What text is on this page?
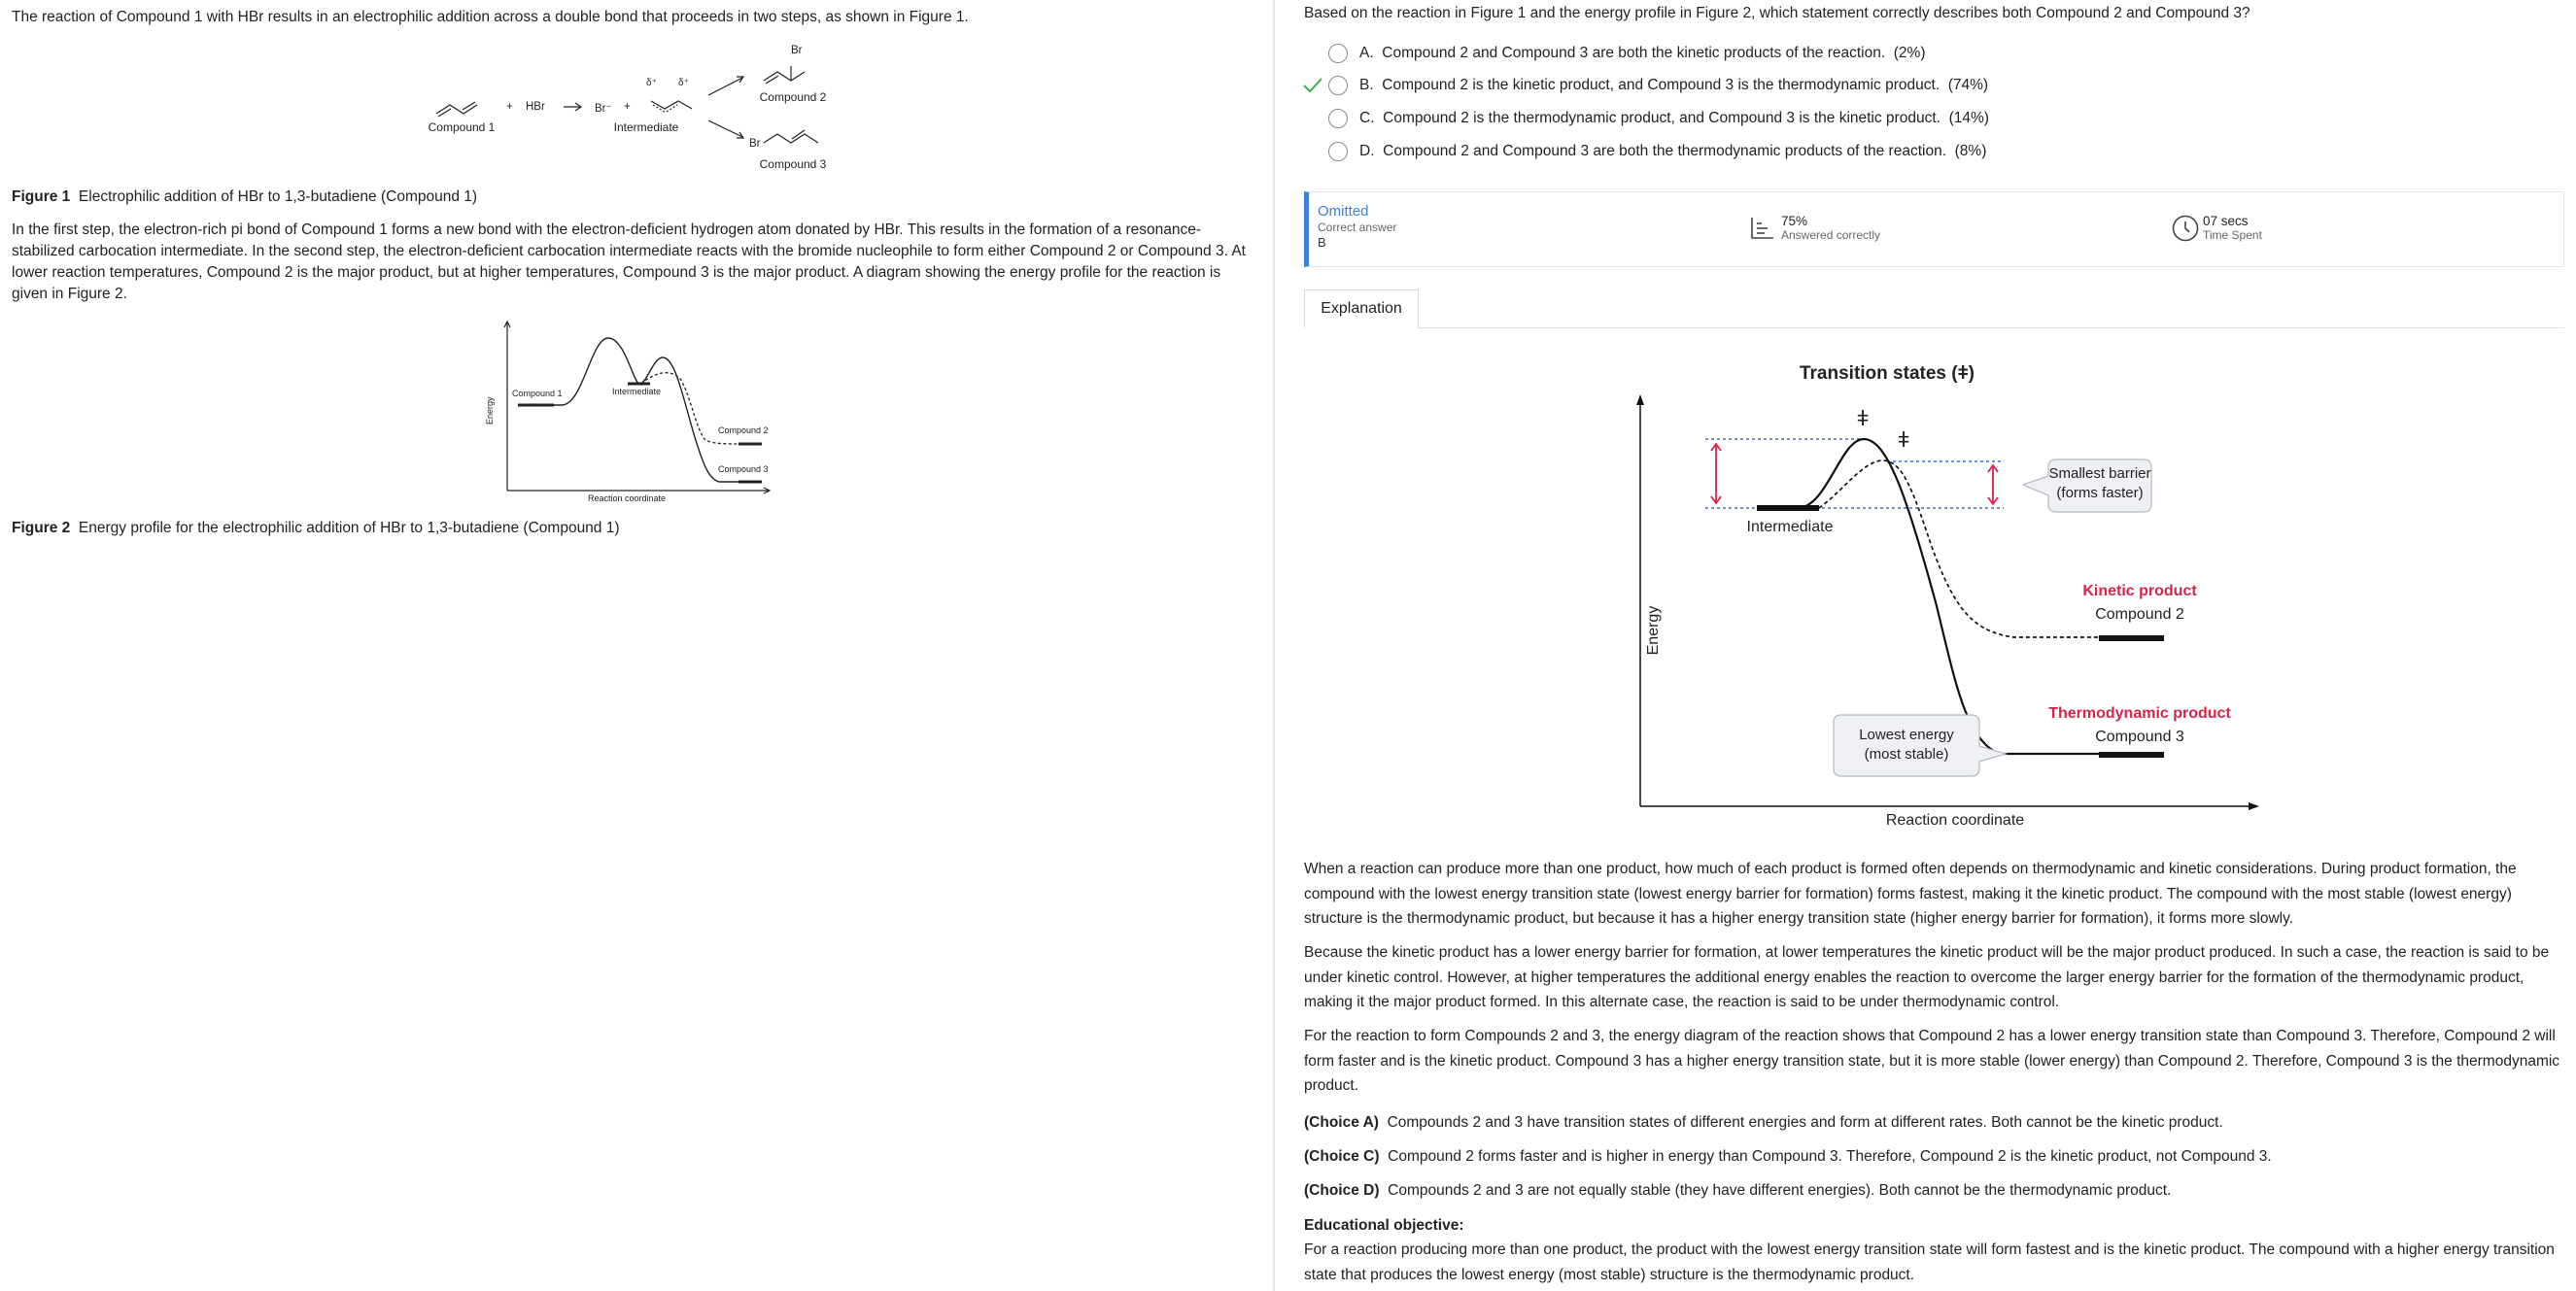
The reaction of Compound 1 with HBr results in an electrophilic addition across a double bond that proceeds in two steps, as shown in Figure 1.

+ HBr	Br⁻ +
δ⁺ δ⁺
Br
Br
Compound 1	Intermediate
Compound 2
Compound 3

Figure 1 Electrophilic addition of HBr to 1,3-butadiene (Compound 1)

In the first step, the electron-rich pi bond of Compound 1 forms a new bond with the electron-deficient hydrogen atom donated by HBr. This results in the formation of a resonance-stabilized carbocation intermediate. In the second step, the electron-deficient carbocation intermediate reacts with the bromide nucleophile to form either Compound 2 or Compound 3. At lower reaction temperatures, Compound 2 is the major product, but at higher temperatures, Compound 3 is the major product. A diagram showing the energy profile for the reaction is given in Figure 2.

Energy
Reaction coordinate
Compound 1	Intermediate
Compound 2
Compound 3

Figure 2 Energy profile for the electrophilic addition of HBr to 1,3-butadiene (Compound 1)

Based on the reaction in Figure 1 and the energy profile in Figure 2, which statement correctly describes both Compound 2 and Compound 3?

A.
Compound 2 and Compound 3 are both the kinetic products of the reaction.
(2%)
B.
Compound 2 is the kinetic product, and Compound 3 is the thermodynamic product.
(74%)
C.
Compound 2 is the thermodynamic product, and Compound 3 is the kinetic product.
(14%)
D.
Compound 2 and Compound 3 are both the thermodynamic products of the reaction.
(8%)
Omitted
Correct answer
B
75%
Answered correctly
07 secs
Time Spent
Explanation
Transition states (ǂ)
ǂ
ǂ
Energy
Reaction coordinate
Intermediate
Smallest barrier
(forms faster)
Lowest energy
(most stable)
Kinetic product
Compound 2
Thermodynamic product
Compound 3

When a reaction can produce more than one product, how much of each product is formed often depends on thermodynamic and kinetic considerations. During product formation, the compound with the lowest energy transition state (lowest energy barrier for formation) forms fastest, making it the kinetic product. The compound with the most stable (lowest energy) structure is the thermodynamic product, but because it has a higher energy transition state (higher energy barrier for formation), it forms more slowly.

Because the kinetic product has a lower energy barrier for formation, at lower temperatures the kinetic product will be the major product produced. In such a case, the reaction is said to be under kinetic control. However, at higher temperatures the additional energy enables the reaction to overcome the larger energy barrier for the formation of the thermodynamic product, making it the major product formed. In this alternate case, the reaction is said to be under thermodynamic control.

For the reaction to form Compounds 2 and 3, the energy diagram of the reaction shows that Compound 2 has a lower energy transition state than Compound 3. Therefore, Compound 2 will form faster and is the kinetic product. Compound 3 has a higher energy transition state, but it is more stable (lower energy) than Compound 2. Therefore, Compound 3 is the thermodynamic product.

(Choice A) Compounds 2 and 3 have transition states of different energies and form at different rates. Both cannot be the kinetic product.

(Choice C) Compound 2 forms faster and is higher in energy than Compound 3. Therefore, Compound 2 is the kinetic product, not Compound 3.

(Choice D) Compounds 2 and 3 are not equally stable (they have different energies). Both cannot be the thermodynamic product.

Educational objective:

For a reaction producing more than one product, the product with the lowest energy transition state will form fastest and is the kinetic product. The compound with a higher energy transition state that produces the lowest energy (most stable) structure is the thermodynamic product.
